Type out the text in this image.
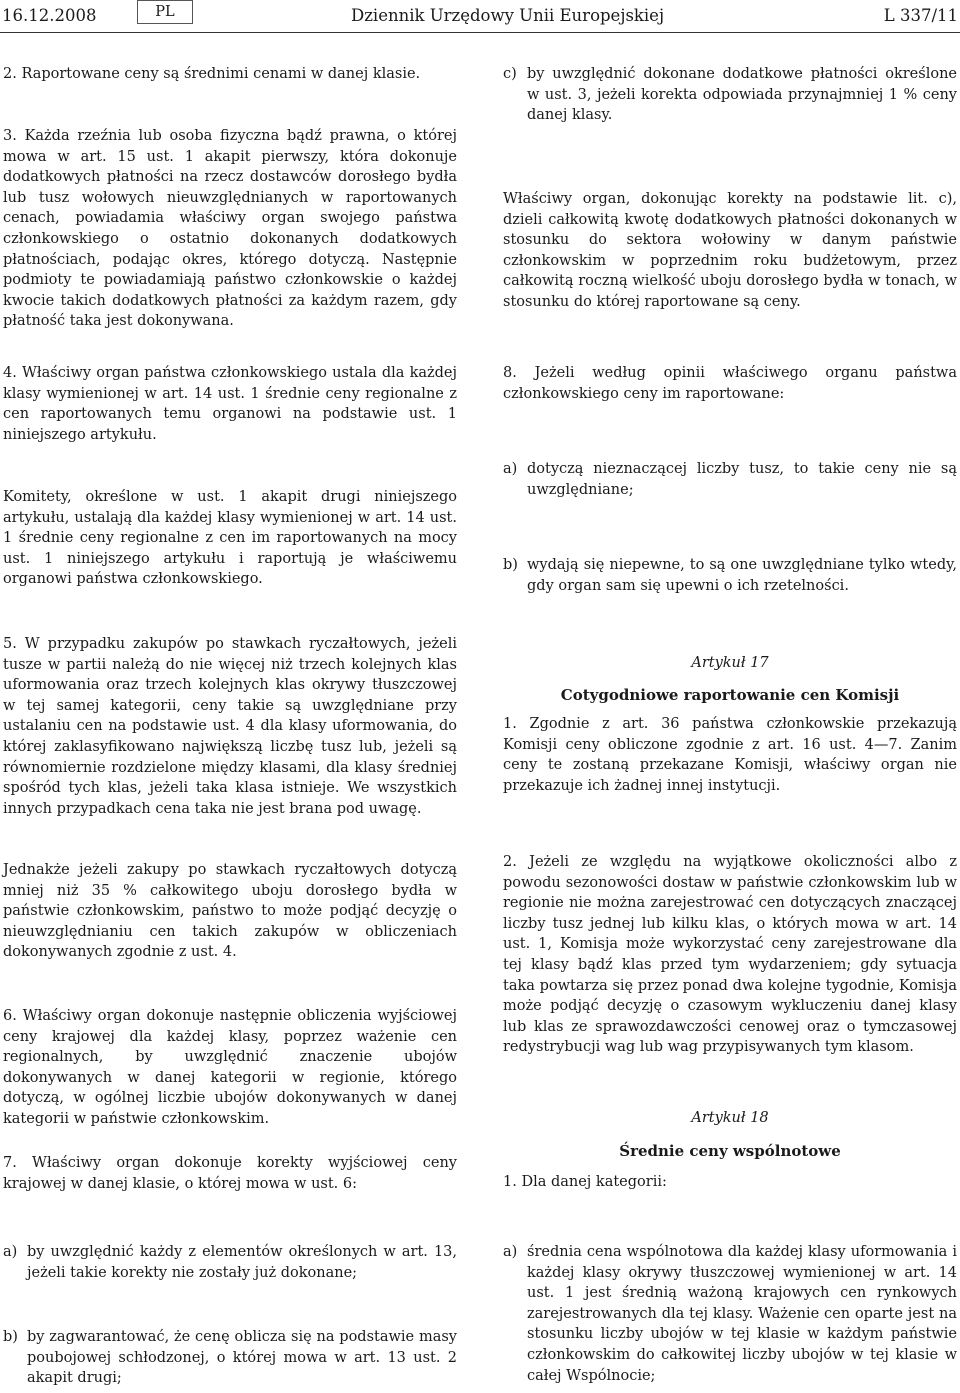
16.12.2008	PL	Dziennik Urzędowy Unii Europejskiej	L 337/11

2. Raportowane ceny są średnimi cenami w danej klasie.

3. Każda rzeźnia lub osoba fizyczna bądź prawna, o której mowa w art. 15 ust. 1 akapit pierwszy, która dokonuje dodatkowych płatności na rzecz dostawców dorosłego bydła lub tusz wołowych nieuwzględnianych w raportowanych cenach, powiadamia właściwy organ swojego państwa członkowskiego o ostatnio dokonanych dodatkowych płatnościach, podając okres, którego dotyczą. Następnie podmioty te powiadamiają państwo członkowskie o każdej kwocie takich dodatkowych płatności za każdym razem, gdy płatność taka jest dokonywana.

4. Właściwy organ państwa członkowskiego ustala dla każdej klasy wymienionej w art. 14 ust. 1 średnie ceny regionalne z cen raportowanych temu organowi na podstawie ust. 1 niniejszego artykułu.

Komitety, określone w ust. 1 akapit drugi niniejszego artykułu, ustalają dla każdej klasy wymienionej w art. 14 ust. 1 średnie ceny regionalne z cen im raportowanych na mocy ust. 1 niniejszego artykułu i raportują je właściwemu organowi państwa członkowskiego.

5. W przypadku zakupów po stawkach ryczałtowych, jeżeli tusze w partii należą do nie więcej niż trzech kolejnych klas uformowania oraz trzech kolejnych klas okrywy tłuszczowej w tej samej kategorii, ceny takie są uwzględniane przy ustalaniu cen na podstawie ust. 4 dla klasy uformowania, do której zaklasyfikowano największą liczbę tusz lub, jeżeli są równomiernie rozdzielone między klasami, dla klasy średniej spośród tych klas, jeżeli taka klasa istnieje. We wszystkich innych przypadkach cena taka nie jest brana pod uwagę.

Jednakże jeżeli zakupy po stawkach ryczałtowych dotyczą mniej niż 35 % całkowitego uboju dorosłego bydła w państwie członkowskim, państwo to może podjąć decyzję o nieuwzględnianiu cen takich zakupów w obliczeniach dokonywanych zgodnie z ust. 4.

6. Właściwy organ dokonuje następnie obliczenia wyjściowej ceny krajowej dla każdej klasy, poprzez ważenie cen regionalnych, by uwzględnić znaczenie ubojów dokonywanych w danej kategorii w regionie, którego dotyczą, w ogólnej liczbie ubojów dokonywanych w danej kategorii w państwie członkowskim.

7. Właściwy organ dokonuje korekty wyjściowej ceny krajowej w danej klasie, o której mowa w ust. 6:

a) by uwzględnić każdy z elementów określonych w art. 13, jeżeli takie korekty nie zostały już dokonane;
b) by zagwarantować, że cenę oblicza się na podstawie masy poubojowej schłodzonej, o której mowa w art. 13 ust. 2 akapit drugi;
c) by uwzględnić dokonane dodatkowe płatności określone w ust. 3, jeżeli korekta odpowiada przynajmniej 1 % ceny danej klasy.

Właściwy organ, dokonując korekty na podstawie lit. c), dzieli całkowitą kwotę dodatkowych płatności dokonanych w stosunku do sektora wołowiny w danym państwie członkowskim w poprzednim roku budżetowym, przez całkowitą roczną wielkość uboju dorosłego bydła w tonach, w stosunku do której raportowane są ceny.

8. Jeżeli według opinii właściwego organu państwa członkowskiego ceny im raportowane:

a) dotyczą nieznaczącej liczby tusz, to takie ceny nie są uwzględniane;
b) wydają się niepewne, to są one uwzględniane tylko wtedy, gdy organ sam się upewni o ich rzetelności.

Artykuł 17

Cotygodniowe raportowanie cen Komisji

1. Zgodnie z art. 36 państwa członkowskie przekazują Komisji ceny obliczone zgodnie z art. 16 ust. 4—7. Zanim ceny te zostaną przekazane Komisji, właściwy organ nie przekazuje ich żadnej innej instytucji.

2. Jeżeli ze względu na wyjątkowe okoliczności albo z powodu sezonowości dostaw w państwie członkowskim lub w regionie nie można zarejestrować cen dotyczących znaczącej liczby tusz jednej lub kilku klas, o których mowa w art. 14 ust. 1, Komisja może wykorzystać ceny zarejestrowane dla tej klasy bądź klas przed tym wydarzeniem; gdy sytuacja taka powtarza się przez ponad dwa kolejne tygodnie, Komisja może podjąć decyzję o czasowym wykluczeniu danej klasy lub klas ze sprawozdawczości cenowej oraz o tymczasowej redystrybucji wag lub wag przypisywanych tym klasom.

Artykuł 18

Średnie ceny wspólnotowe

1. Dla danej kategorii:

a) średnia cena wspólnotowa dla każdej klasy uformowania i każdej klasy okrywy tłuszczowej wymienionej w art. 14 ust. 1 jest średnią ważoną krajowych cen rynkowych zarejestrowanych dla tej klasy. Ważenie cen oparte jest na stosunku liczby ubojów w tej klasie w każdym państwie członkowskim do całkowitej liczby ubojów w tej klasie w całej Wspólnocie;
